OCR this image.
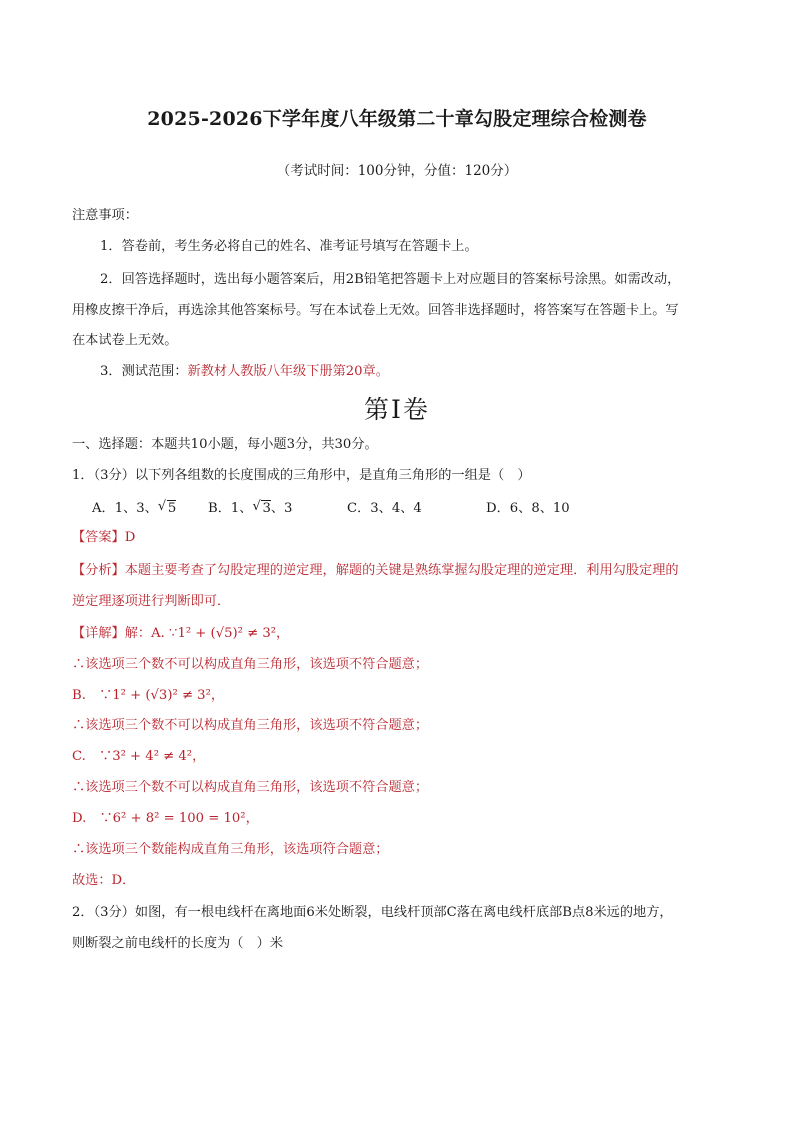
2025-2026下学年度八年级第二十章勾股定理综合检测卷
（考试时间：100分钟，分值：120分）
注意事项：
1．答卷前，考生务必将自己的姓名、准考证号填写在答题卡上。
2．回答选择题时，选出每小题答案后，用2B铅笔把答题卡上对应题目的答案标号涂黑。如需改动，
用橡皮擦干净后，再选涂其他答案标号。写在本试卷上无效。回答非选择题时，将答案写在答题卡上。写
在本试卷上无效。
3．测试范围：新教材人教版八年级下册第20章。
第Ⅰ卷
一、选择题：本题共10小题，每小题3分，共30分。
1．（3分）以下列各组数的长度围成的三角形中，是直角三角形的一组是（　）
A．1、3、 √ 5 B．1、 √ 3、3	C．3、4、4	D．6、8、10
【答案】D
【分析】本题主要考查了勾股定理的逆定理，解题的关键是熟练掌握勾股定理的逆定理．利用勾股定理的
逆定理逐项进行判断即可．
【详解】解：A. ∵1² + (√5)² ≠ 3²，
∴该选项三个数不可以构成直角三角形，该选项不符合题意；
B.　∵1² + (√3)² ≠ 3²，
∴该选项三个数不可以构成直角三角形，该选项不符合题意；
C.　∵3² + 4² ≠ 4²，
∴该选项三个数不可以构成直角三角形，该选项不符合题意；
D.　∵6² + 8² = 100 = 10²，
∴该选项三个数能构成直角三角形，该选项符合题意；
故选：D．
2．（3分）如图，有一根电线杆在离地面6米处断裂，电线杆顶部C落在离电线杆底部B点8米远的地方，
则断裂之前电线杆的长度为（　）米
